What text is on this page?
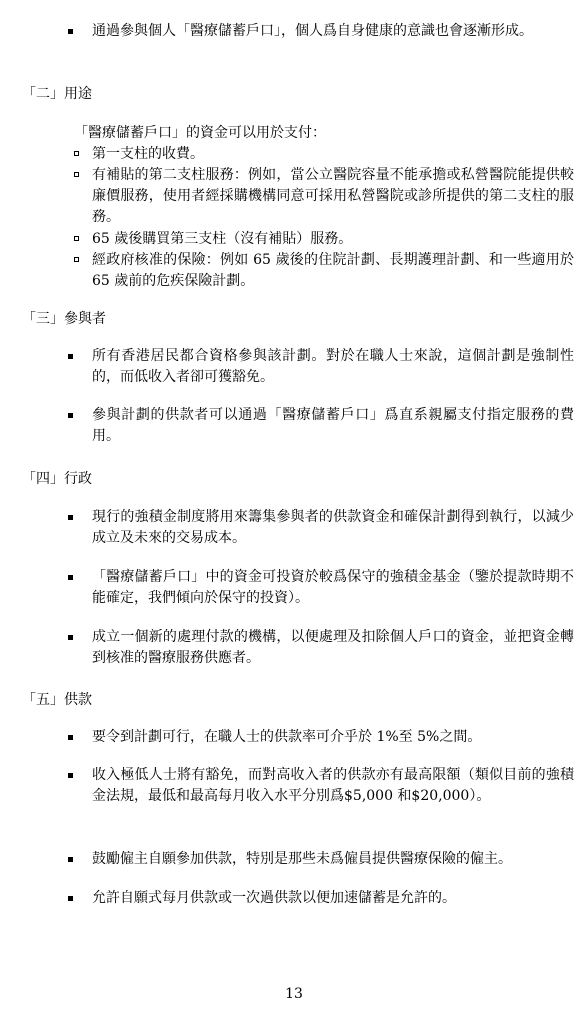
通過參與個人「醫療儲蓄戶口」，個人爲自身健康的意識也會逐漸形成。
「二」用途
「醫療儲蓄戶口」的資金可以用於支付：
第一支柱的收費。
有補貼的第二支柱服務：例如，當公立醫院容量不能承擔或私營醫院能提供較廉價服務，使用者經採購機構同意可採用私營醫院或診所提供的第二支柱的服務。
65 歲後購買第三支柱（沒有補貼）服務。
經政府核准的保險：例如 65 歲後的住院計劃、長期護理計劃、和一些適用於 65 歲前的危疾保險計劃。
「三」參與者
所有香港居民都合資格參與該計劃。對於在職人士來說，這個計劃是強制性的，而低收入者卻可獲豁免。
參與計劃的供款者可以通過「醫療儲蓄戶口」爲直系親屬支付指定服務的費用。
「四」行政
現行的強積金制度將用來籌集參與者的供款資金和確保計劃得到執行，以減少成立及未來的交易成本。
「醫療儲蓄戶口」中的資金可投資於較爲保守的強積金基金（鑒於提款時期不能確定，我們傾向於保守的投資）。
成立一個新的處理付款的機構，以便處理及扣除個人戶口的資金，並把資金轉到核准的醫療服務供應者。
「五」供款
要令到計劃可行，在職人士的供款率可介乎於 1%至 5%之間。
收入極低人士將有豁免，而對高收入者的供款亦有最高限額（類似目前的強積金法規，最低和最高每月收入水平分別爲$5,000 和$20,000）。
鼓勵僱主自願參加供款，特別是那些未爲僱員提供醫療保險的僱主。
允許自願式每月供款或一次過供款以便加速儲蓄是允許的。
13
